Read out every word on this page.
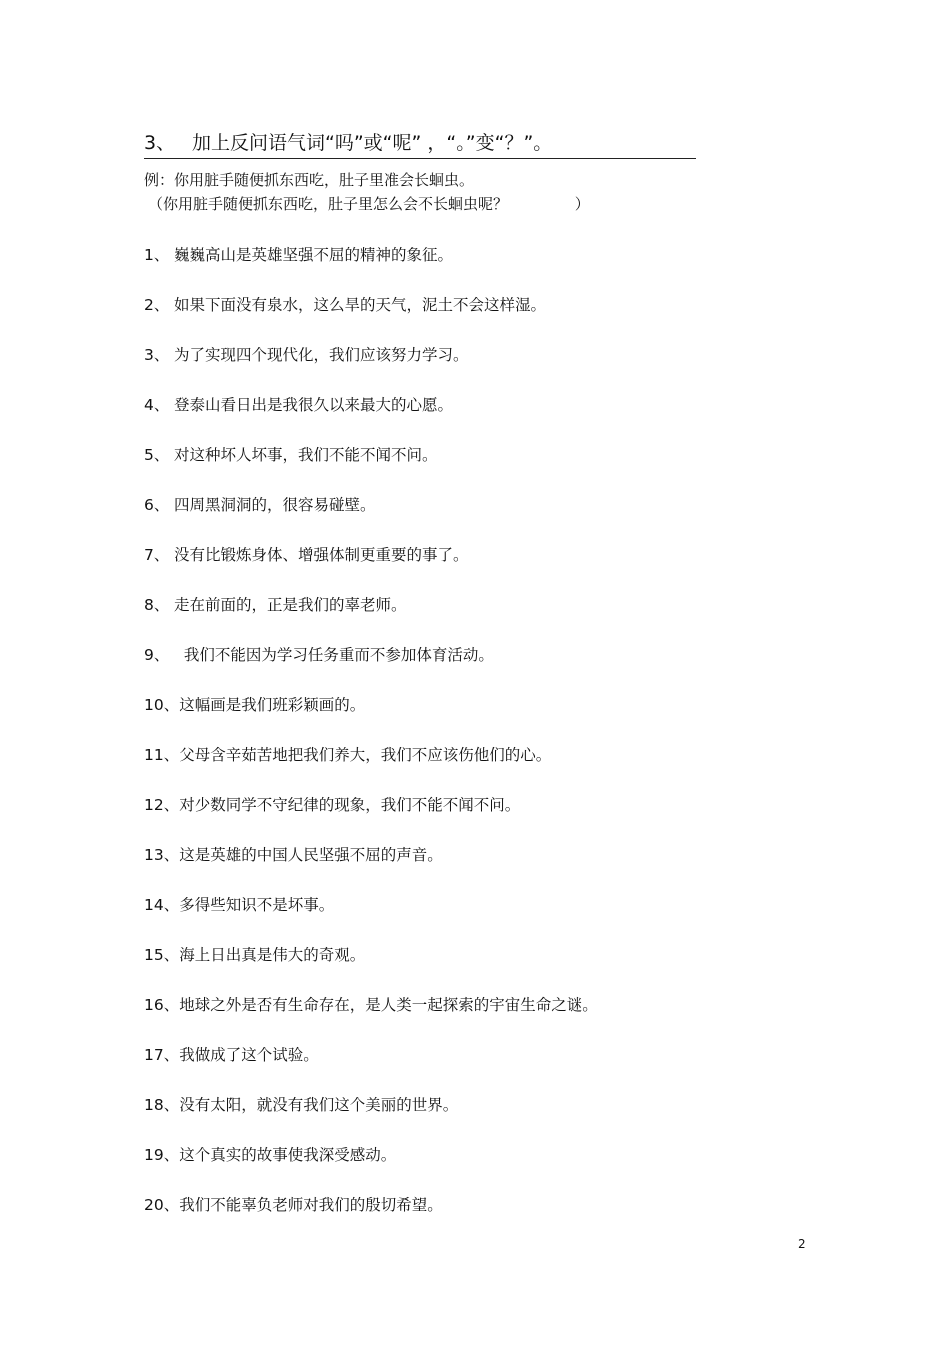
3、 加上反问语气词“吗”或“呢” ，“。”变“？”。
例：你用脏手随便抓东西吃，肚子里准会长蛔虫。
（你用脏手随便抓东西吃，肚子里怎么会不长蛔虫呢？              ）
1、 巍巍高山是英雄坚强不屈的精神的象征。
2、 如果下面没有泉水，这么旱的天气，泥土不会这样湿。
3、 为了实现四个现代化，我们应该努力学习。
4、 登泰山看日出是我很久以来最大的心愿。
5、 对这种坏人坏事，我们不能不闻不问。
6、 四周黑洞洞的，很容易碰壁。
7、 没有比锻炼身体、增强体制更重要的事了。
8、 走在前面的，正是我们的辜老师。
9、  我们不能因为学习任务重而不参加体育活动。
10、这幅画是我们班彩颖画的。
11、父母含辛茹苦地把我们养大，我们不应该伤他们的心。
12、对少数同学不守纪律的现象，我们不能不闻不问。
13、这是英雄的中国人民坚强不屈的声音。
14、多得些知识不是坏事。
15、海上日出真是伟大的奇观。
16、地球之外是否有生命存在，是人类一起探索的宇宙生命之谜。
17、我做成了这个试验。
18、没有太阳，就没有我们这个美丽的世界。
19、这个真实的故事使我深受感动。
20、我们不能辜负老师对我们的殷切希望。
2
